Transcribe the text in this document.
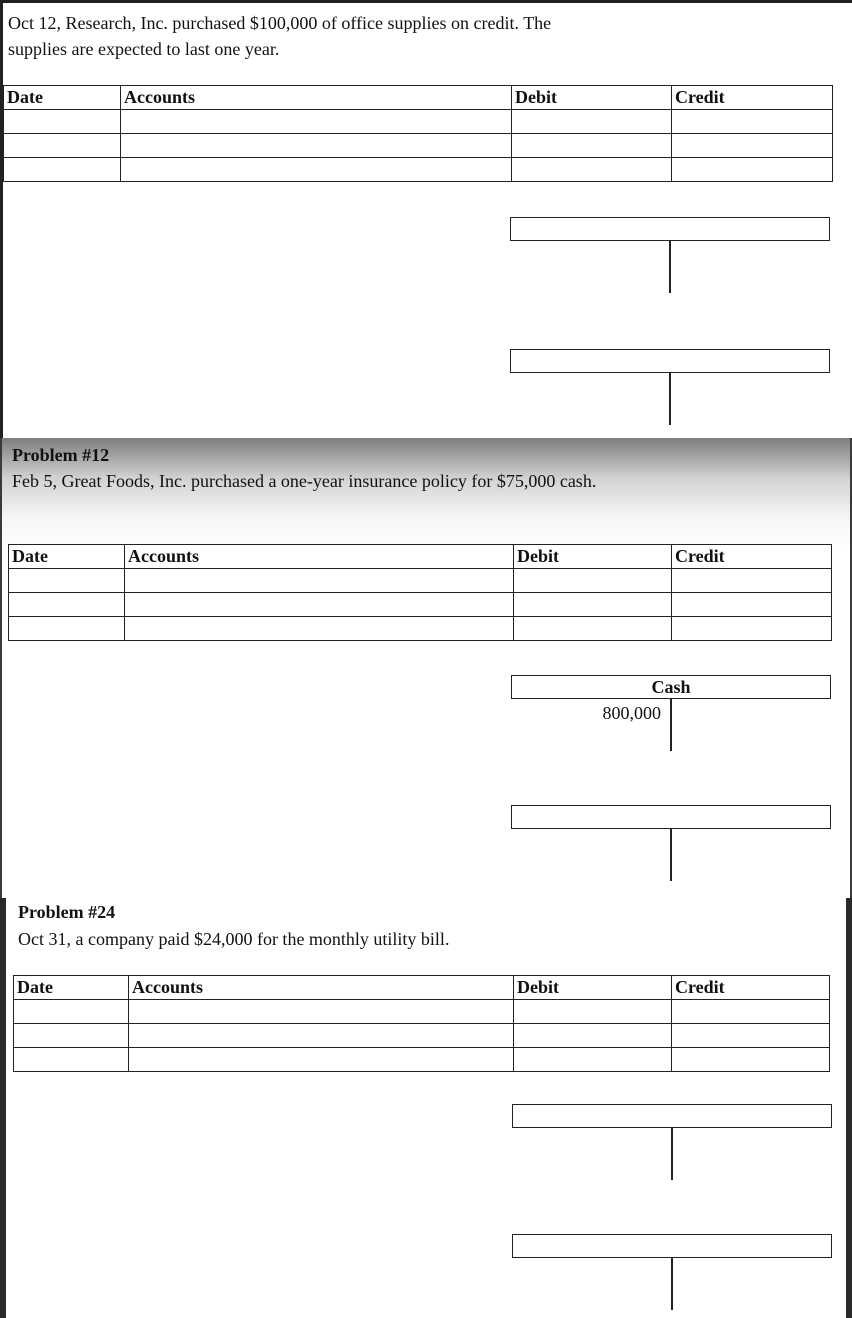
Oct 12, Research, Inc. purchased $100,000 of office supplies on credit. The
supplies are expected to last one year.
Date	Accounts	Debit	Credit

Problem #12
Feb 5, Great Foods, Inc. purchased a one-year insurance policy for $75,000 cash.
Date	Accounts	Debit	Credit

Cash
800,000
Problem #24
Oct 31, a company paid $24,000 for the monthly utility bill.
Date	Accounts	Debit	Credit
